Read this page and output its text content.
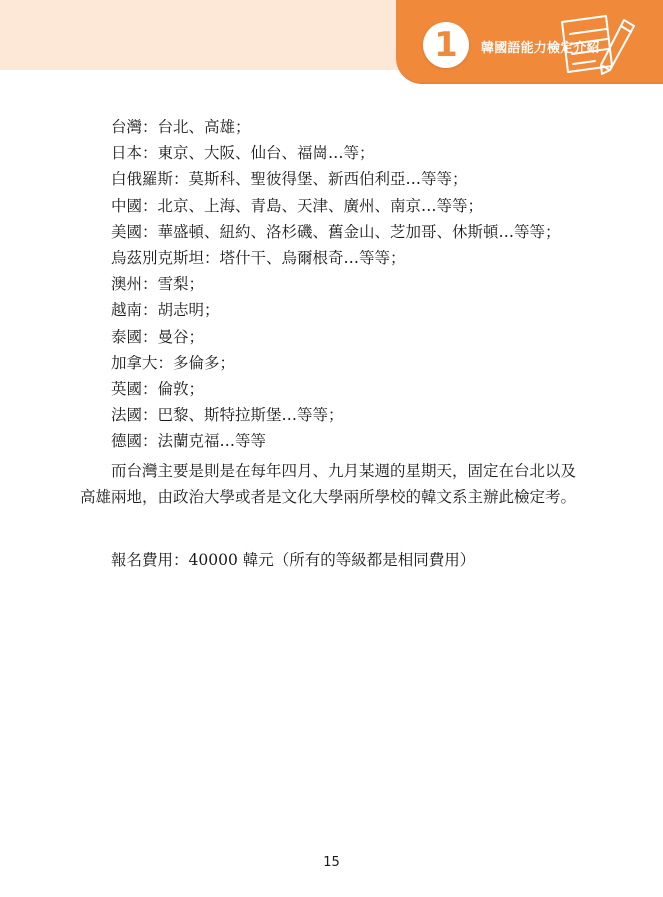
1 韓國語能力檢定介紹
台灣：台北、高雄；
日本：東京、大阪、仙台、福崗…等；
白俄羅斯：莫斯科、聖彼得堡、新西伯利亞…等等；
中國：北京、上海、青島、天津、廣州、南京…等等；
美國：華盛頓、紐約、洛杉磯、舊金山、芝加哥、休斯頓…等等；
烏茲別克斯坦：塔什干、烏爾根奇…等等；
澳州：雪梨；
越南：胡志明；
泰國：曼谷；
加拿大：多倫多；
英國：倫敦；
法國：巴黎、斯特拉斯堡…等等；
德國：法蘭克福…等等

而台灣主要是則是在每年四月、九月某週的星期天，固定在台北以及高雄兩地，由政治大學或者是文化大學兩所學校的韓文系主辦此檢定考。

報名費用：40000 韓元（所有的等級都是相同費用）
15
